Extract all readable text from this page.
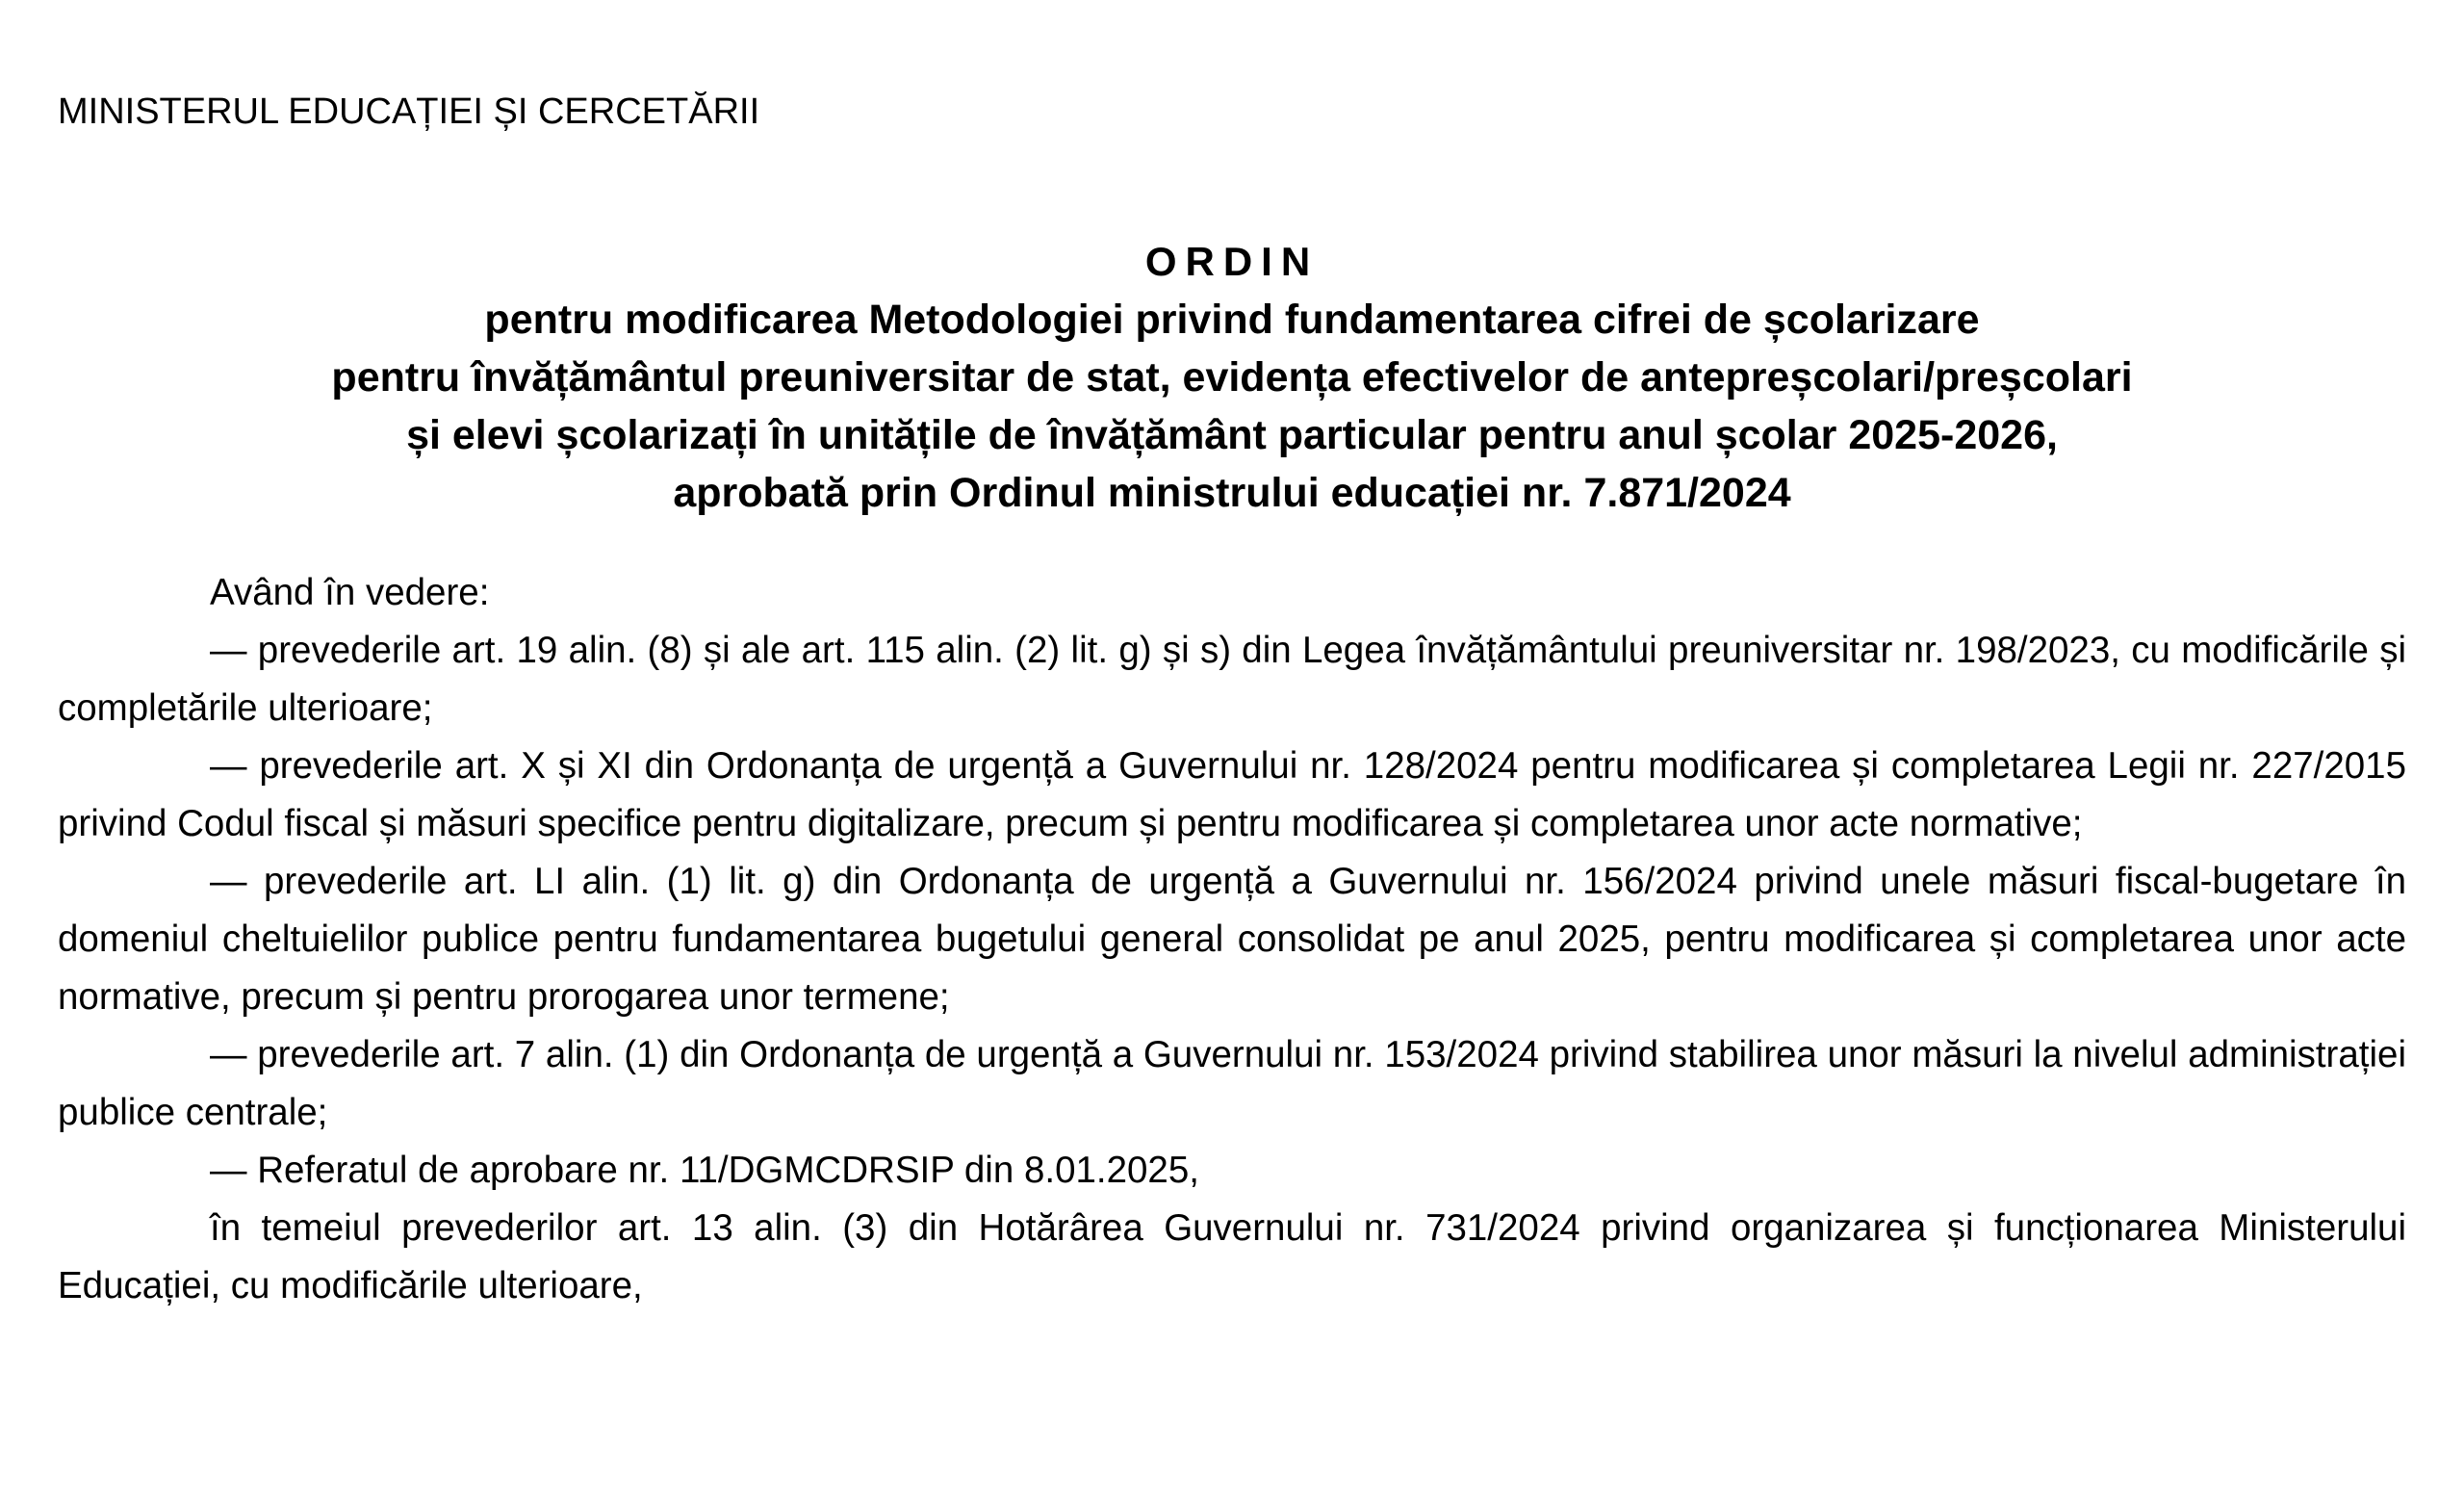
MINISTERUL EDUCAȚIEI ȘI CERCETĂRII

ORDIN
pentru modificarea Metodologiei privind fundamentarea cifrei de școlarizare
pentru învățământul preuniversitar de stat, evidența efectivelor de antepreșcolari/preșcolari
și elevi școlarizați în unitățile de învățământ particular pentru anul școlar 2025-2026,
aprobată prin Ordinul ministrului educației nr. 7.871/2024

Având în vedere:

— prevederile art. 19 alin. (8) și ale art. 115 alin. (2) lit. g) și s) din Legea învățământului preuniversitar nr. 198/2023, cu modificările și completările ulterioare;

— prevederile art. X și XI din Ordonanța de urgență a Guvernului nr. 128/2024 pentru modificarea și completarea Legii nr. 227/2015 privind Codul fiscal și măsuri specifice pentru digitalizare, precum și pentru modificarea și completarea unor acte normative;

— prevederile art. LI alin. (1) lit. g) din Ordonanța de urgență a Guvernului nr. 156/2024 privind unele măsuri fiscal-bugetare în domeniul cheltuielilor publice pentru fundamentarea bugetului general consolidat pe anul 2025, pentru modificarea și completarea unor acte normative, precum și pentru prorogarea unor termene;

— prevederile art. 7 alin. (1) din Ordonanța de urgență a Guvernului nr. 153/2024 privind stabilirea unor măsuri la nivelul administrației publice centrale;

— Referatul de aprobare nr. 11/DGMCDRSIP din 8.01.2025,

în temeiul prevederilor art. 13 alin. (3) din Hotărârea Guvernului nr. 731/2024 privind organizarea și funcționarea Ministerului Educației, cu modificările ulterioare,
